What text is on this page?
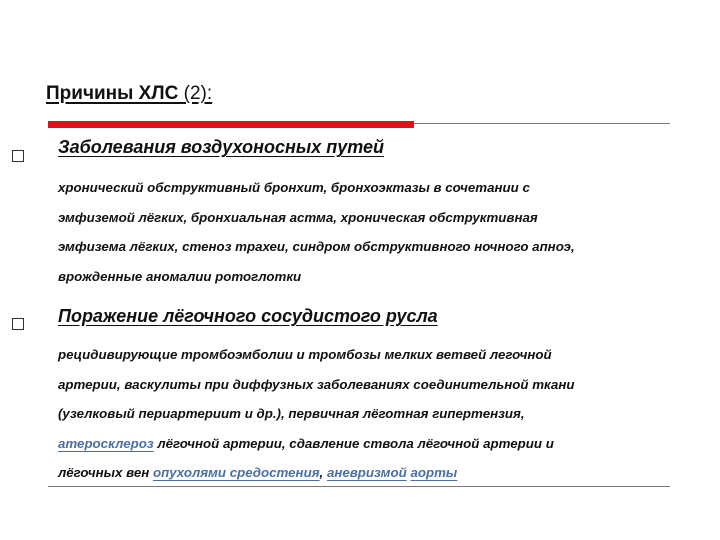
Причины ХЛС (2):
Заболевания воздухоносных путей
хронический обструктивный бронхит, бронхоэктазы в сочетании с
эмфиземой лёгких, бронхиальная астма, хроническая обструктивная
эмфизема лёгких, стеноз трахеи, синдром обструктивного ночного апноэ,
врожденные аномалии ротоглотки
Поражение лёгочного сосудистого русла
рецидивирующие тромбоэмболии и тромбозы мелких ветвей легочной
артерии, васкулиты при диффузных заболеваниях соединительной ткани
(узелковый периартериит и др.), первичная лёготная гипертензия,
атеросклероз лёгочной артерии, сдавление ствола лёгочной артерии и
лёгочных вен опухолями средостения, аневризмой аорты
